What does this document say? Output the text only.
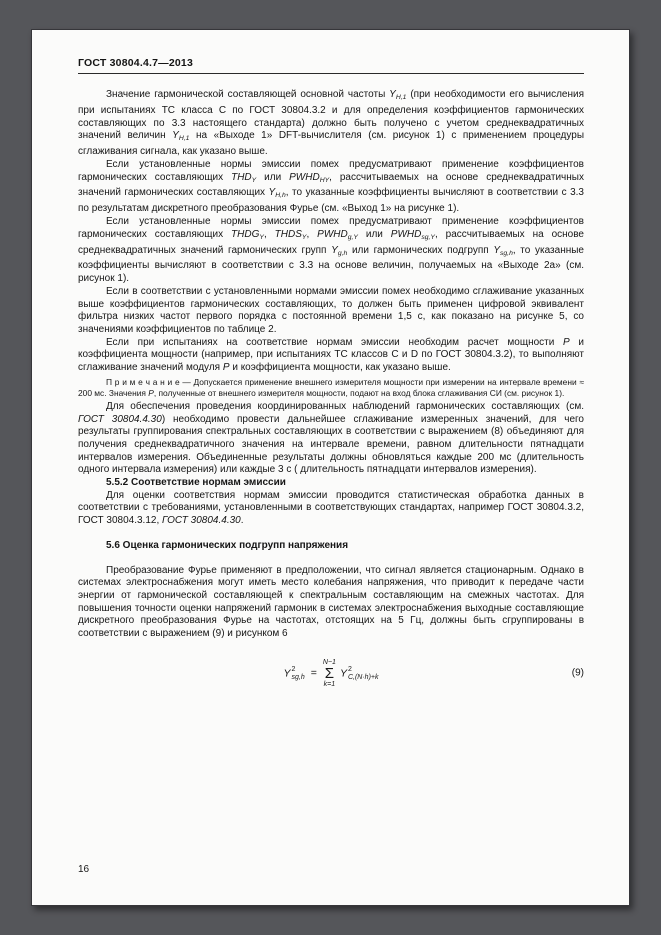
ГОСТ 30804.4.7—2013

Значение гармонической составляющей основной частоты $Y_{H,1}$ (при необходимости его вычисления при испытаниях ТС класса С по ГОСТ 30804.3.2 и для определения коэффициентов гармонических составляющих по 3.3 настоящего стандарта) должно быть получено с учетом среднеквадратичных значений величин $Y_{H,1}$ на «Выходе 1» DFT-вычислителя (см. рисунок 1) с применением процедуры сглаживания сигнала, как указано выше.

Если установленные нормы эмиссии помех предусматривают применение коэффициентов гармонических составляющих $THD_Y$ или $PWHD_{HY}$, рассчитываемых на основе среднеквадратичных значений гармонических составляющих $Y_{H,h}$, то указанные коэффициенты вычисляют в соответствии с 3.3 по результатам дискретного преобразования Фурье (см. «Выход 1» на рисунке 1).

Если установленные нормы эмиссии помех предусматривают применение коэффициентов гармонических составляющих $THDG_Y$, $THDS_Y$, $PWHD_{g,Y}$ или $PWHD_{sg,Y}$, рассчитываемых на основе среднеквадратичных значений гармонических групп $Y_{g,h}$ или гармонических подгрупп $Y_{sg,h}$, то указанные коэффициенты вычисляют в соответствии с 3.3 на основе величин, получаемых на «Выходе 2а» (см. рисунок 1).

Если в соответствии с установленными нормами эмиссии помех необходимо сглаживание указанных выше коэффициентов гармонических составляющих, то должен быть применен цифровой эквивалент фильтра низких частот первого порядка с постоянной времени 1,5 с, как показано на рисунке 5, со значениями коэффициентов по таблице 2.

Если при испытаниях на соответствие нормам эмиссии необходим расчет мощности P и коэффициента мощности (например, при испытаниях ТС классов С и D по ГОСТ 30804.3.2), то выполняют сглаживание значений модуля P и коэффициента мощности, как указано выше.

П р и м е ч а н и е — Допускается применение внешнего измерителя мощности при измерении на интервале времени ≈ 200 мс. Значения P, полученные от внешнего измерителя мощности, подают на вход блока сглаживания СИ (см. рисунок 1).

Для обеспечения проведения координированных наблюдений гармонических составляющих (см. ГОСТ 30804.4.30) необходимо провести дальнейшее сглаживание измеренных значений, для чего результаты группирования спектральных составляющих в соответствии с выражением (8) объединяют для получения среднеквадратичного значения на интервале времени, равном длительности пятнадцати интервалов измерения. Объединенные результаты должны обновляться каждые 200 мс (длительность одного интервала измерения) или каждые 3 с ( длительность пятнадцати интервалов измерения).

5.5.2 Соответствие нормам эмиссии

Для оценки соответствия нормам эмиссии проводится статистическая обработка данных в соответствии с требованиями, установленными в соответствующих стандартах, например ГОСТ 30804.3.2, ГОСТ 30804.3.12, ГОСТ 30804.4.30.

5.6 Оценка гармонических подгрупп напряжения

Преобразование Фурье применяют в предположении, что сигнал является стационарным. Однако в системах электроснабжения могут иметь место колебания напряжения, что приводит к передаче части энергии от гармонической составляющей к спектральным составляющим на смежных частотах. Для повышения точности оценки напряжений гармоник в системах электроснабжения выходные составляющие дискретного преобразования Фурье на частотах, отстоящих на 5 Гц, должны быть сгруппированы в соответствии с выражением (9) и рисунком 6

Y 2
sg,h =
N−1
Σ
k=1
Y 2
C,(N·h)+k	(9)
16
